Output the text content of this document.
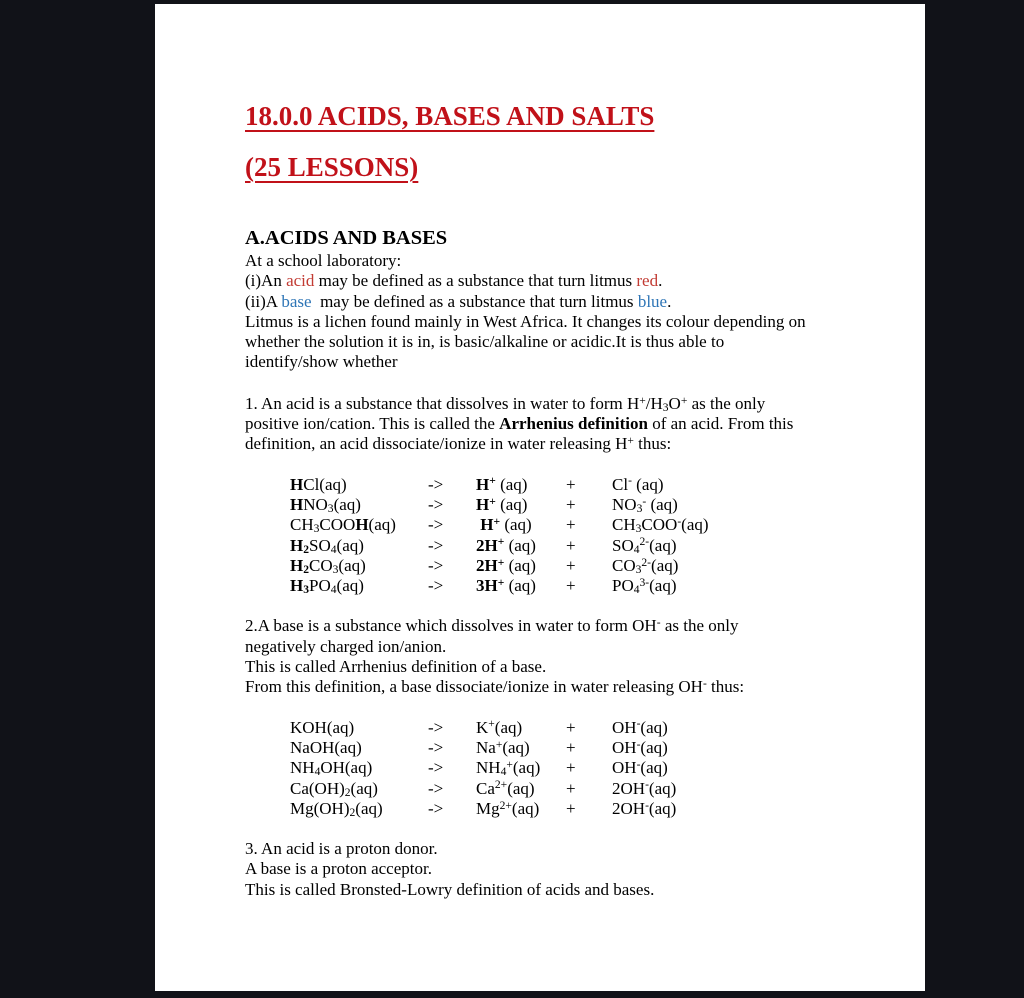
18.0.0 ACIDS, BASES AND SALTS
(25 LESSONS)
A.ACIDS AND BASES
At a school laboratory:
(i)An acid may be defined as a substance that turn litmus red.
(ii)A base  may be defined as a substance that turn litmus blue.
Litmus is a lichen found mainly in West Africa. It changes its colour depending on
whether the solution it is in, is basic/alkaline or acidic.It is thus able to
identify/show whether
1. An acid is a substance that dissolves in water to form $H^+/H_3O^+$ as the only
positive ion/cation. This is called the Arrhenius definition of an acid. From this
definition, an acid dissociate/ionize in water releasing H+ thus:
HCl(aq)	->	H+ (aq)	+	Cl- (aq)
$HNO_3(aq)$	->	H+ (aq)	+	$NO_3^-$ (aq)
$CH_3COOH(aq)$	->	H+ (aq)	+	$CH_3COO^-(aq)$
$H_2SO_4(aq)$	->	2H+ (aq)	+	$SO_4^{2-}(aq)$
$H_2CO_3(aq)$	->	2H+ (aq)	+	$CO_3^{2-}(aq)$
$H_3PO_4(aq)$	->	3H+ (aq)	+	$PO_4^{3-}(aq)$
2.A base is a substance which dissolves in water to form OH- as the only
negatively charged ion/anion.
This is called Arrhenius definition of a base.
From this definition, a base dissociate/ionize in water releasing OH- thus:
KOH(aq)	->	K+(aq)	+	OH-(aq)
NaOH(aq)	->	Na+(aq)	+	OH-(aq)
$NH_4OH(aq)$	->	$NH_4^+(aq)$	+	OH-(aq)
$Ca(OH)_2(aq)$	->	$Ca^{2+}(aq)$	+	2OH-(aq)
$Mg(OH)_2(aq)$	->	$Mg^{2+}(aq)$	+	2OH-(aq)
3. An acid is a proton donor.
A base is a proton acceptor.
This is called Bronsted-Lowry definition of acids and bases.
